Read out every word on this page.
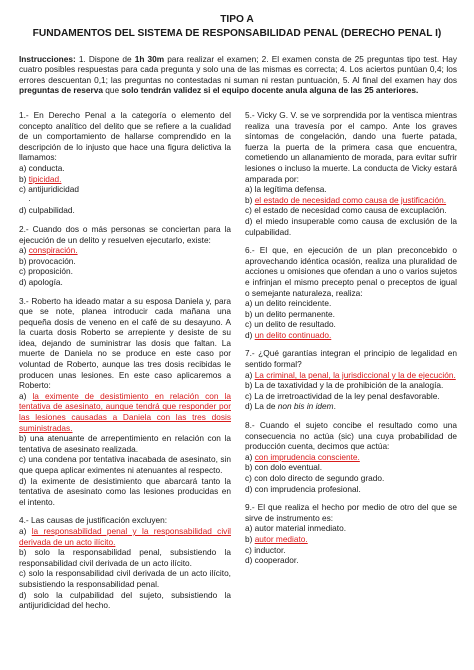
TIPO A
FUNDAMENTOS DEL SISTEMA DE RESPONSABILIDAD PENAL (DERECHO PENAL I)
Instrucciones: 1. Dispone de 1h 30m para realizar el examen; 2. El examen consta de 25 preguntas tipo test. Hay cuatro posibles respuestas para cada pregunta y solo una de las mismas es correcta; 4. Los aciertos puntúan 0,4; los errores descuentan 0,1; las preguntas no contestadas ni suman ni restan puntuación, 5. Al final del examen hay dos preguntas de reserva que solo tendrán validez si el equipo docente anula alguna de las 25 anteriores.
1.- En Derecho Penal a la categoría o elemento del concepto analítico del delito que se refiere a la cualidad de un comportamiento de hallarse comprendido en la descripción de lo injusto que hace una figura delictiva la llamamos:
a) conducta.
b) tipicidad.
c) antijuridicidad
·
d) culpabilidad.
2.- Cuando dos o más personas se conciertan para la ejecución de un delito y resuelven ejecutarlo, existe:
a) conspiración.
b) provocación.
c) proposición.
d) apología.
3.- Roberto ha ideado matar a su esposa Daniela y, para que se note, planea introducir cada mañana una pequeña dosis de veneno en el café de su desayuno. A la cuarta dosis Roberto se arrepiente y desiste de su idea, dejando de suministrar las dosis que faltan. La muerte de Daniela no se produce en este caso por voluntad de Roberto, aunque las tres dosis recibidas le producen unas lesiones. En este caso aplicaremos a Roberto:
a) la eximente de desistimiento en relación con la tentativa de asesinato, aunque tendrá que responder por las lesiones causadas a Daniela con las tres dosis suministradas.
b) una atenuante de arrepentimiento en relación con la tentativa de asesinato realizada.
c) una condena por tentativa inacabada de asesinato, sin que quepa aplicar eximentes ni atenuantes al respecto.
d) la eximente de desistimiento que abarcará tanto la tentativa de asesinato como las lesiones producidas en el intento.
4.- Las causas de justificación excluyen:
a) la responsabilidad penal y la responsabilidad civil derivada de un acto ilícito.
b) solo la responsabilidad penal, subsistiendo la responsabilidad civil derivada de un acto ilícito.
c) solo la responsabilidad civil derivada de un acto ilícito, subsistiendo la responsabilidad penal.
d) solo la culpabilidad del sujeto, subsistiendo la antijuridicidad del hecho.
5.- Vicky G. V. se ve sorprendida por la ventisca mientras realiza una travesía por el campo. Ante los graves síntomas de congelación, dando una fuerte patada, fuerza la puerta de la primera casa que encuentra, cometiendo un allanamiento de morada, para evitar sufrir lesiones o incluso la muerte. La conducta de Vicky estará amparada por:
a) la legítima defensa.
b) el estado de necesidad como causa de justificación.
c) el estado de necesidad como causa de excuplación.
d) el miedo insuperable como causa de exclusión de la culpabilidad.
6.- El que, en ejecución de un plan preconcebido o aprovechando idéntica ocasión, realiza una pluralidad de acciones u omisiones que ofendan a uno o varios sujetos e infrinjan el mismo precepto penal o preceptos de igual o semejante naturaleza, realiza:
a) un delito reincidente.
b) un delito permanente.
c) un delito de resultado.
d) un delito continuado.
7.- ¿Qué garantías integran el principio de legalidad en sentido formal?
a) La criminal, la penal, la jurisdiccional y la de ejecución.
b) La de taxatividad y la de prohibición de la analogía.
c) La de irretroactividad de la ley penal desfavorable.
d) La de non bis in idem.
8.- Cuando el sujeto concibe el resultado como una consecuencia no actúa (sic) una cuya probabilidad de producción cuenta, decimos que actúa:
a) con imprudencia consciente.
b) con dolo eventual.
c) con dolo directo de segundo grado.
d) con imprudencia profesional.
9.- El que realiza el hecho por medio de otro del que se sirve de instrumento es:
a) autor material inmediato.
b) autor mediato.
c) inductor.
d) cooperador.
